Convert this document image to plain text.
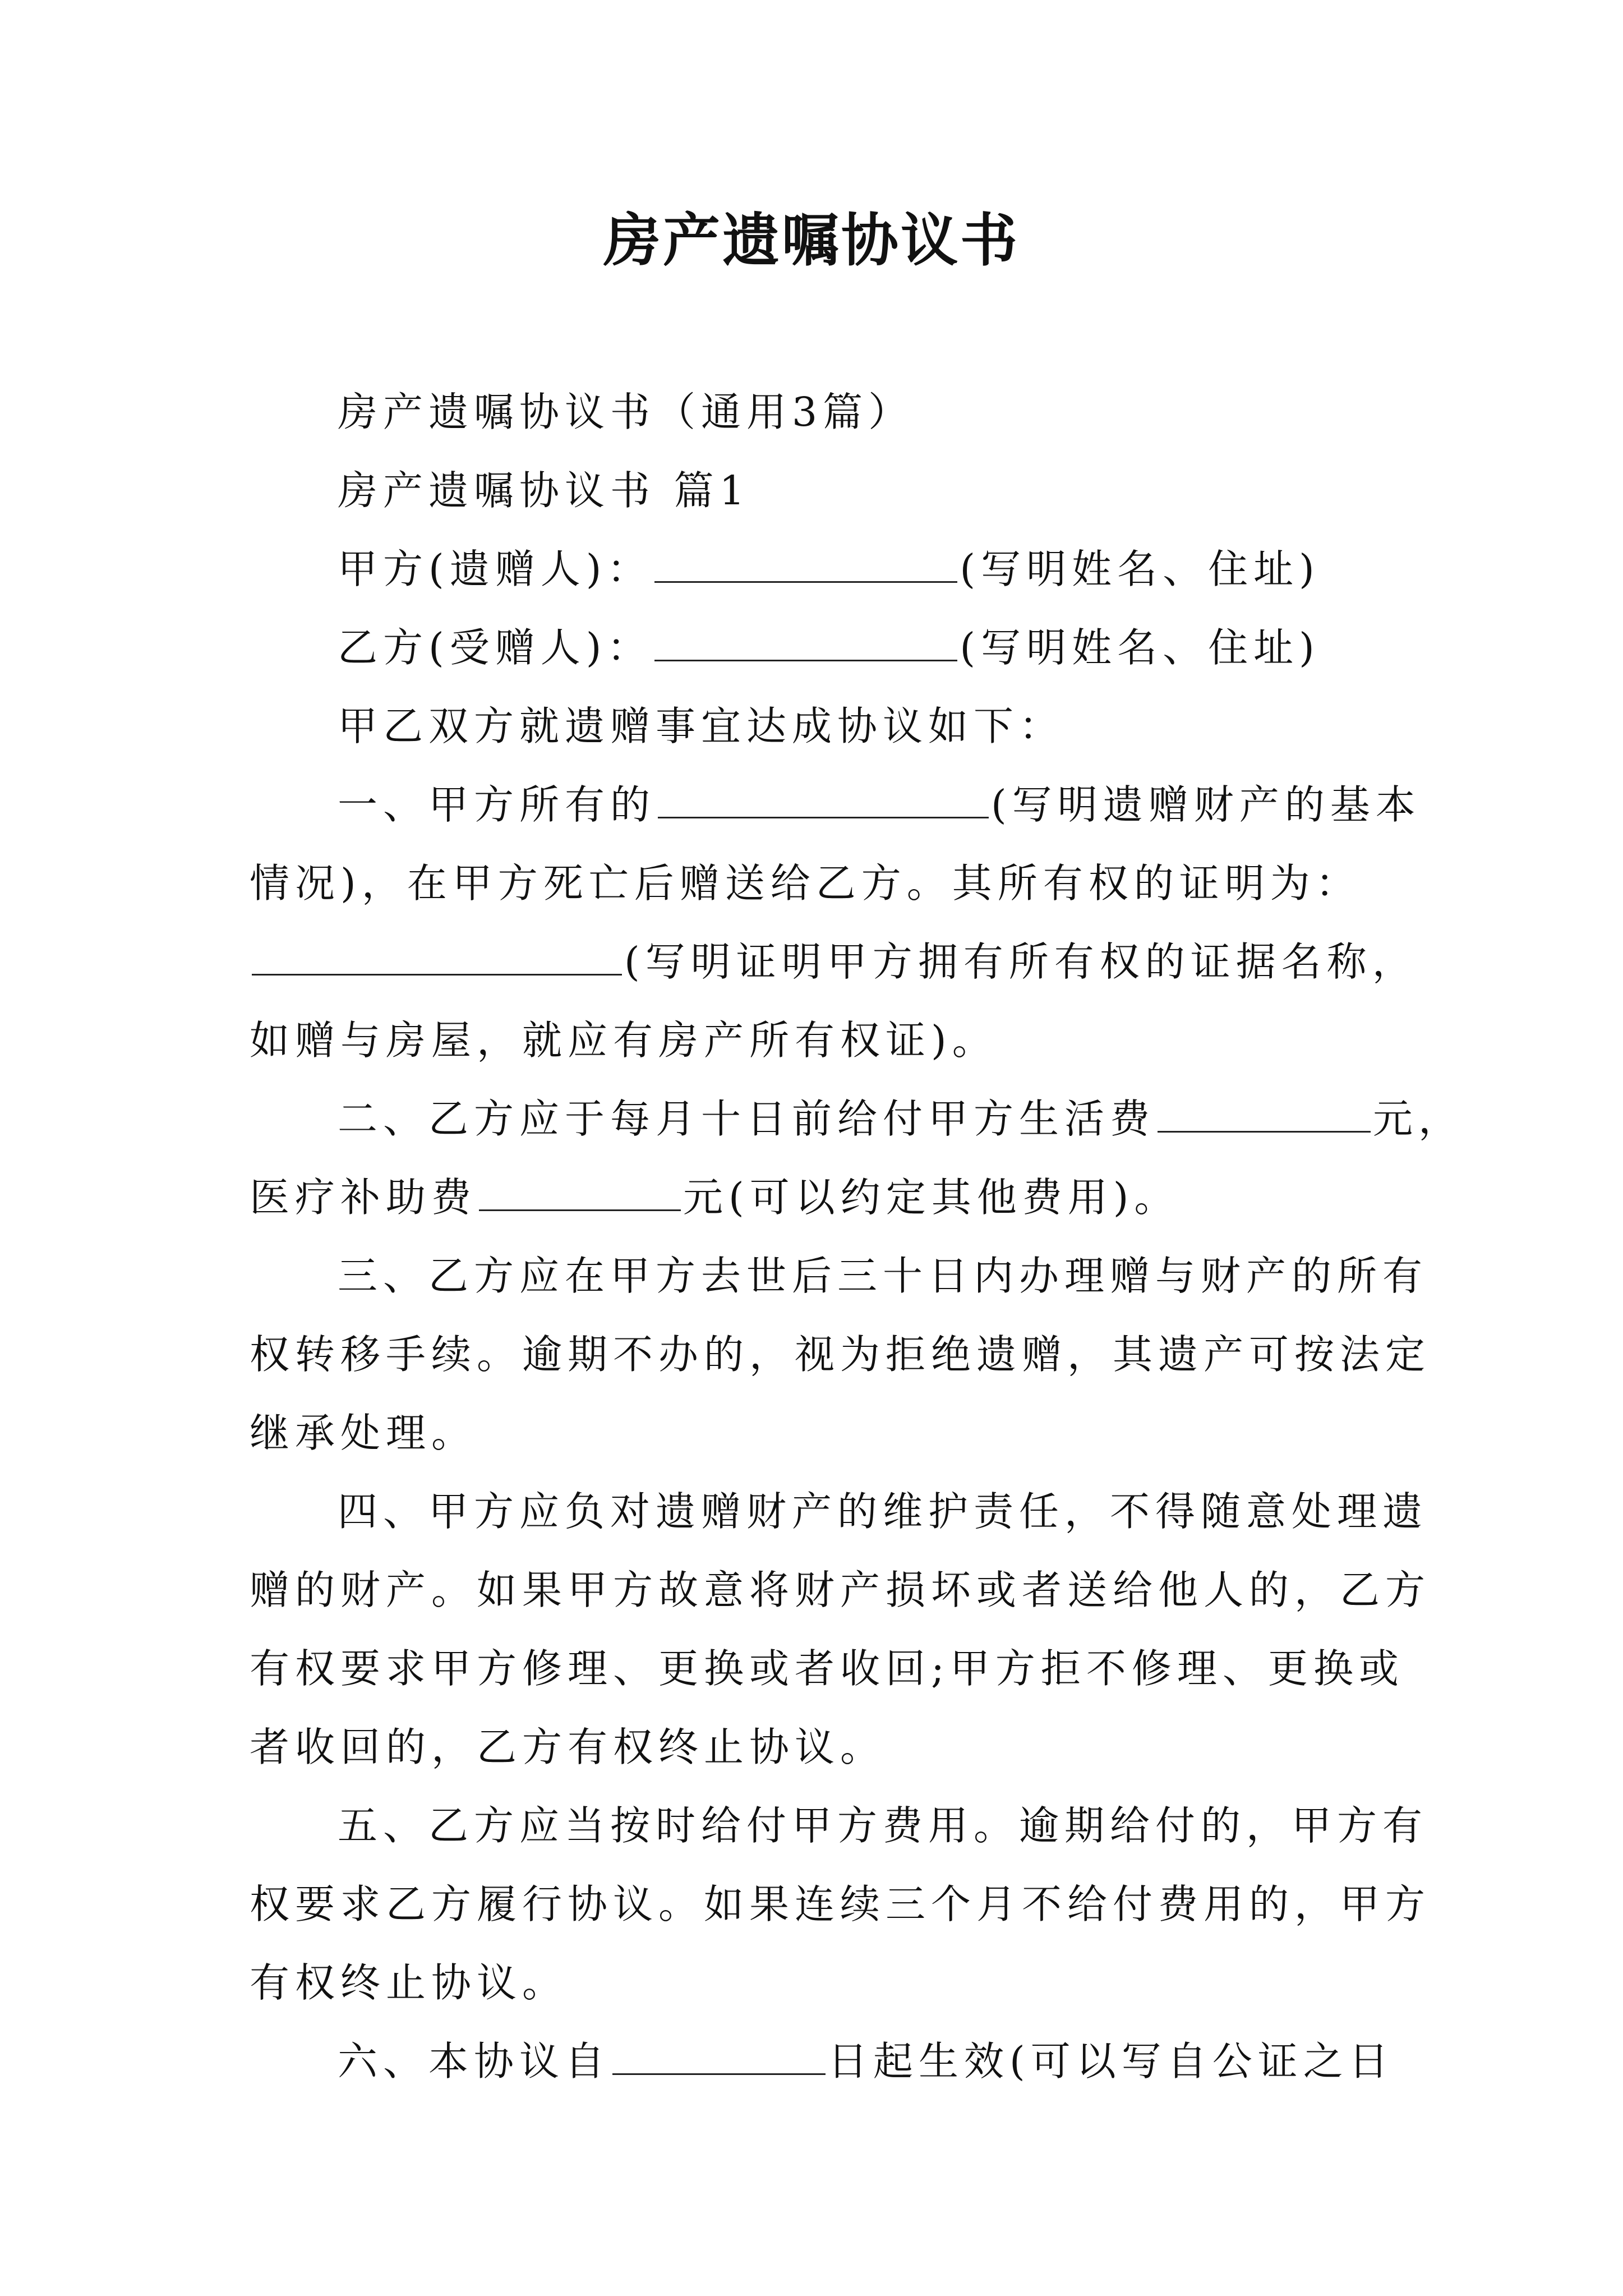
房产遗嘱协议书
房产遗嘱协议书（通用3篇）
房产遗嘱协议书 篇1
甲方(遗赠人)：	(写明姓名、住址)
乙方(受赠人)：	(写明姓名、住址)
甲乙双方就遗赠事宜达成协议如下：
一、甲方所有的	(写明遗赠财产的基本
情况)，在甲方死亡后赠送给乙方。其所有权的证明为：
(写明证明甲方拥有所有权的证据名称，
如赠与房屋，就应有房产所有权证)。
二、乙方应于每月十日前给付甲方生活费	元，
医疗补助费	元(可以约定其他费用)。
三、乙方应在甲方去世后三十日内办理赠与财产的所有
权转移手续。逾期不办的，视为拒绝遗赠，其遗产可按法定
继承处理。
四、甲方应负对遗赠财产的维护责任，不得随意处理遗
赠的财产。如果甲方故意将财产损坏或者送给他人的，乙方
有权要求甲方修理、更换或者收回;甲方拒不修理、更换或
者收回的，乙方有权终止协议。
五、乙方应当按时给付甲方费用。逾期给付的，甲方有
权要求乙方履行协议。如果连续三个月不给付费用的，甲方
有权终止协议。
六、本协议自	日起生效(可以写自公证之日
